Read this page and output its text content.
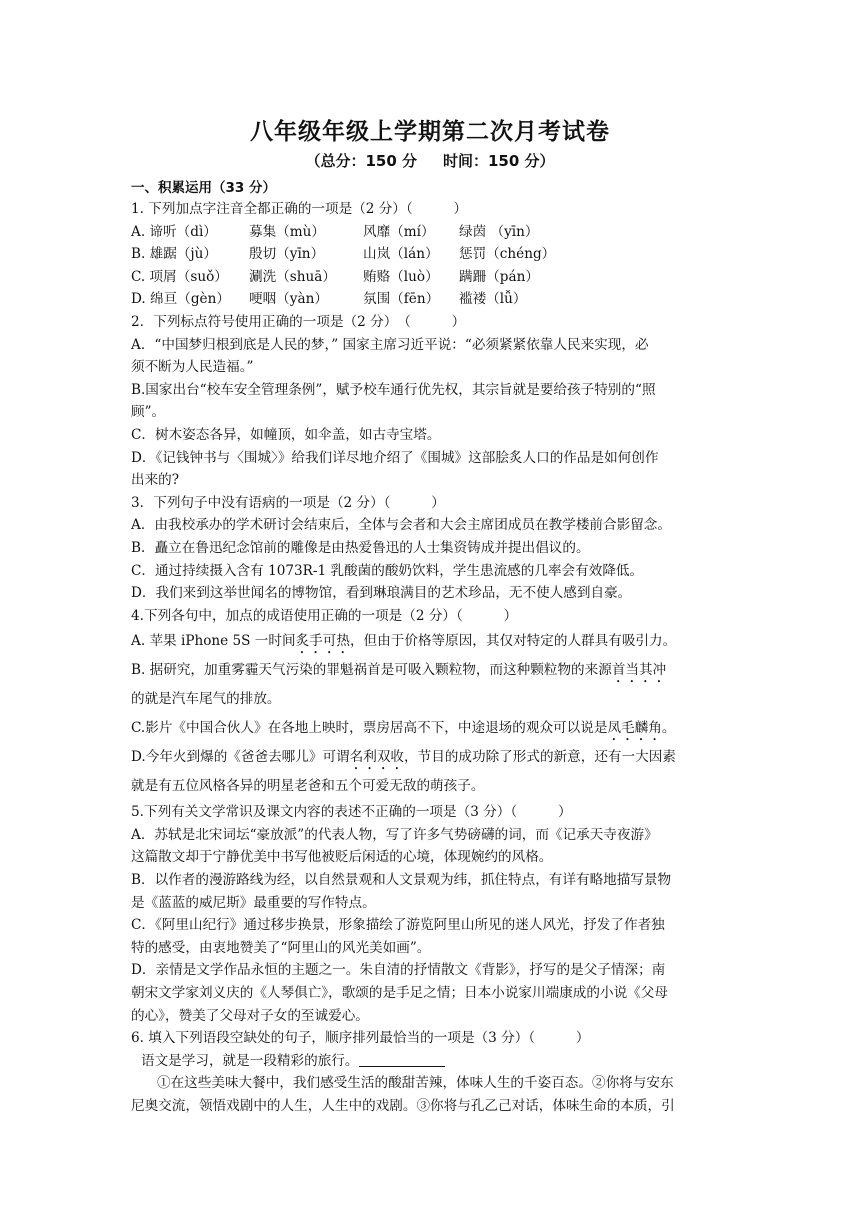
八年级年级上学期第二次月考试卷
（总分：150 分 时间：150 分）
一、积累运用（33 分）
1. 下列加点字注音全都正确的一项是（2 分）（　　　）
A. 谛听（dì） 募集（mù）	风靡（mí） 绿茵 （yīn）
B. 雄踞（jù） 殷切（yīn）	山岚（lán） 惩罚（chéng）
C. 项屑（suǒ） 涮洗（shuā） 贿赂（luò） 蹒跚（pán）
D. 绵亘（gèn） 哽咽（yàn）	氛围（fēn） 褴褛（lǚ）
2．下列标点符号使用正确的一项是（2 分）　（　　　）
A．“中国梦归根到底是人民的梦，” 国家主席习近平说：“必须紧紧依靠人民来实现，必
须不断为人民造福。”
B.国家出台“校车安全管理条例”，赋予校车通行优先权，其宗旨就是要给孩子特别的“照
顾”。
C．树木姿态各异，如幢顶，如伞盖，如古寺宝塔。
D．《记钱钟书与〈围城〉》给我们详尽地介绍了《围城》这部脍炙人口的作品是如何创作
出来的?
3．下列句子中没有语病的一项是（2 分）（　　　）
A．由我校承办的学术研讨会结束后，全体与会者和大会主席团成员在教学楼前合影留念。
B．矗立在鲁迅纪念馆前的雕像是由热爱鲁迅的人士集资铸成并提出倡议的。
C．通过持续摄入含有 1073R-1 乳酸菌的酸奶饮料，学生患流感的几率会有效降低。
D．我们来到这举世闻名的博物馆，看到琳琅满目的艺术珍品，无不使人感到自豪。
4.下列各句中，加点的成语使用正确的一项是（2 分）（　　　）
A. 苹果 iPhone 5S 一时间炙手可热，但由于价格等原因，其仅对特定的人群具有吸引力。
B. 据研究，加重雾霾天气污染的罪魁祸首是可吸入颗粒物，而这种颗粒物的来源首当其冲
的就是汽车尾气的排放。
C.影片《中国合伙人》在各地上映时，票房居高不下，中途退场的观众可以说是凤毛麟角。
D.今年火到爆的《爸爸去哪儿》可谓名利双收，节目的成功除了形式的新意，还有一大因素
就是有五位风格各异的明星老爸和五个可爱无敌的萌孩子。
5.下列有关文学常识及课文内容的表述不正确的一项是（3 分）（　　　）
A．苏轼是北宋词坛“豪放派”的代表人物，写了许多气势磅礴的词，而《记承天寺夜游》
这篇散文却于宁静优美中书写他被贬后闲适的心境，体现婉约的风格。
B．以作者的漫游路线为经，以自然景观和人文景观为纬，抓住特点，有详有略地描写景物
是《蓝蓝的威尼斯》最重要的写作特点。
C．《阿里山纪行》通过移步换景，形象描绘了游览阿里山所见的迷人风光，抒发了作者独
特的感受，由衷地赞美了“阿里山的风光美如画”。
D．亲情是文学作品永恒的主题之一。朱自清的抒情散文《背影》，抒写的是父子情深；南
朝宋文学家刘义庆的《人琴俱亡》，歌颂的是手足之情；日本小说家川端康成的小说《父母
的心》，赞美了父母对子女的至诚爱心。
6. 填入下列语段空缺处的句子，顺序排列最恰当的一项是（3 分）（　　　）
语文是学习，就是一段精彩的旅行。
①在这些美味大餐中，我们感受生活的酸甜苦辣，体味人生的千姿百态。②你将与安东
尼奥交流，领悟戏剧中的人生，人生中的戏剧。③你将与孔乙己对话，体味生命的本质，引
